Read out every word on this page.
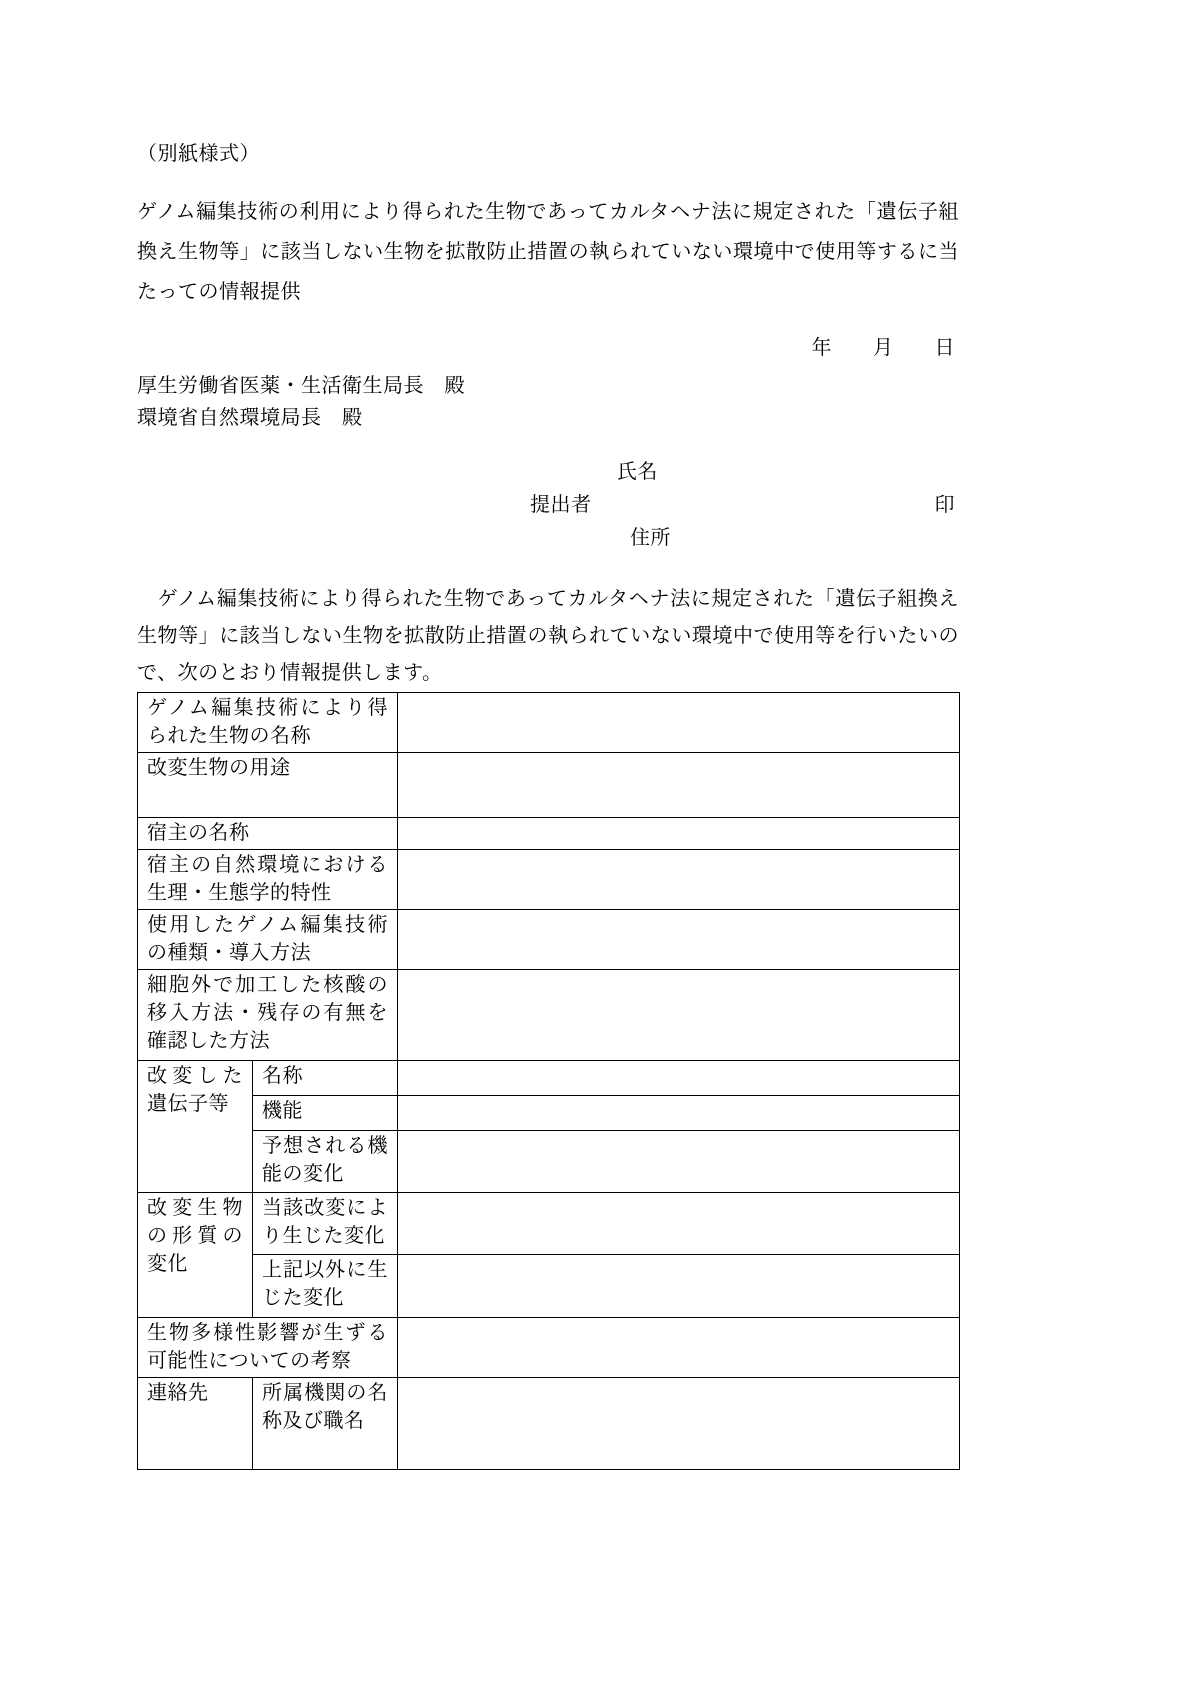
（別紙様式）

ゲノム編集技術の利用により得られた生物であってカルタヘナ法に規定された「遺伝子組換え生物等」に該当しない生物を拡散防止措置の執られていない環境中で使用等するに当たっての情報提供

年　　月　　日

厚生労働省医薬・生活衛生局長　殿

環境省自然環境局長　殿

氏名
提出者	印
住所

　ゲノム編集技術により得られた生物であってカルタヘナ法に規定された「遺伝子組換え生物等」に該当しない生物を拡散防止措置の執られていない環境中で使用等を行いたいので、次のとおり情報提供します。

ゲノム編集技術により得られた生物の名称		
改変生物の用途		
宿主の名称		
宿主の自然環境における生理・生態学的特性		
使用したゲノム編集技術の種類・導入方法		
細胞外で加工した核酸の移入方法・残存の有無を確認した方法		
改変した遺伝子等	名称	
	機能	
	予想される機能の変化	
改変生物の形質の変化	当該改変により生じた変化	
	上記以外に生じた変化	
生物多様性影響が生ずる可能性についての考察		
連絡先	所属機関の名称及び職名	
